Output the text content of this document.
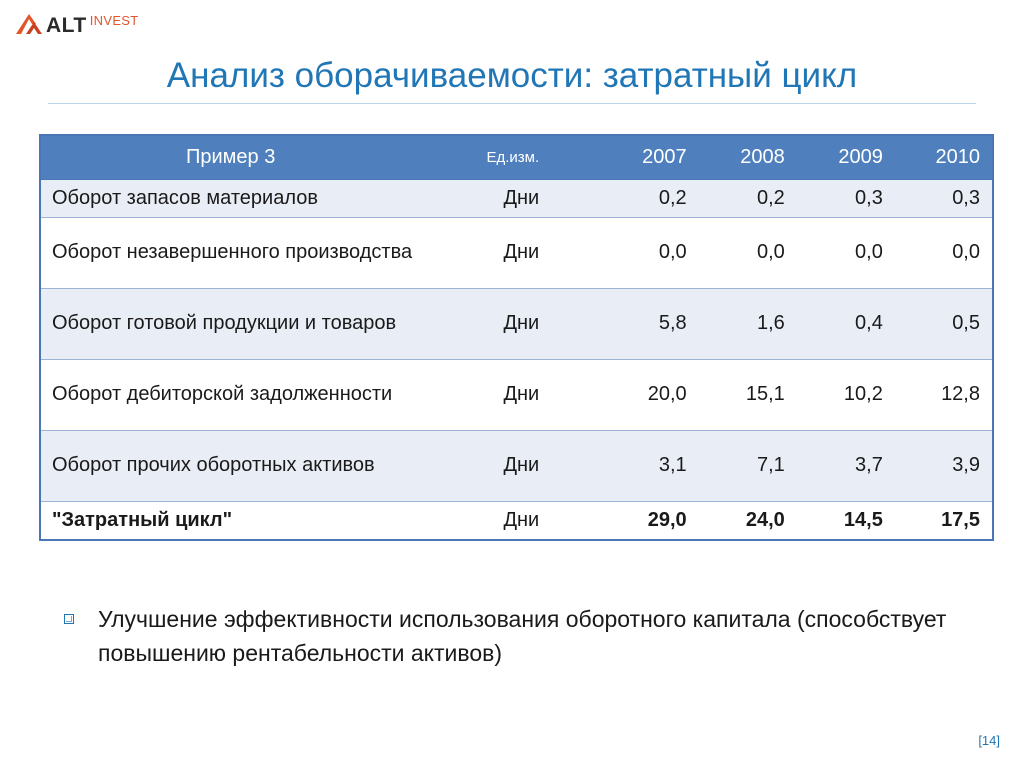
ALT INVEST
Анализ оборачиваемости: затратный цикл
Пример 3	Ед.изм.	2007	2008	2009	2010
Оборот запасов материалов	Дни	0,2	0,2	0,3	0,3
Оборот незавершенного производства	Дни	0,0	0,0	0,0	0,0
Оборот готовой продукции и товаров	Дни	5,8	1,6	0,4	0,5
Оборот дебиторской задолженности	Дни	20,0	15,1	10,2	12,8
Оборот прочих оборотных активов	Дни	3,1	7,1	3,7	3,9
"Затратный цикл"	Дни	29,0	24,0	14,5	17,5
Улучшение эффективности использования оборотного капитала (способствует повышению рентабельности активов)
[14]
